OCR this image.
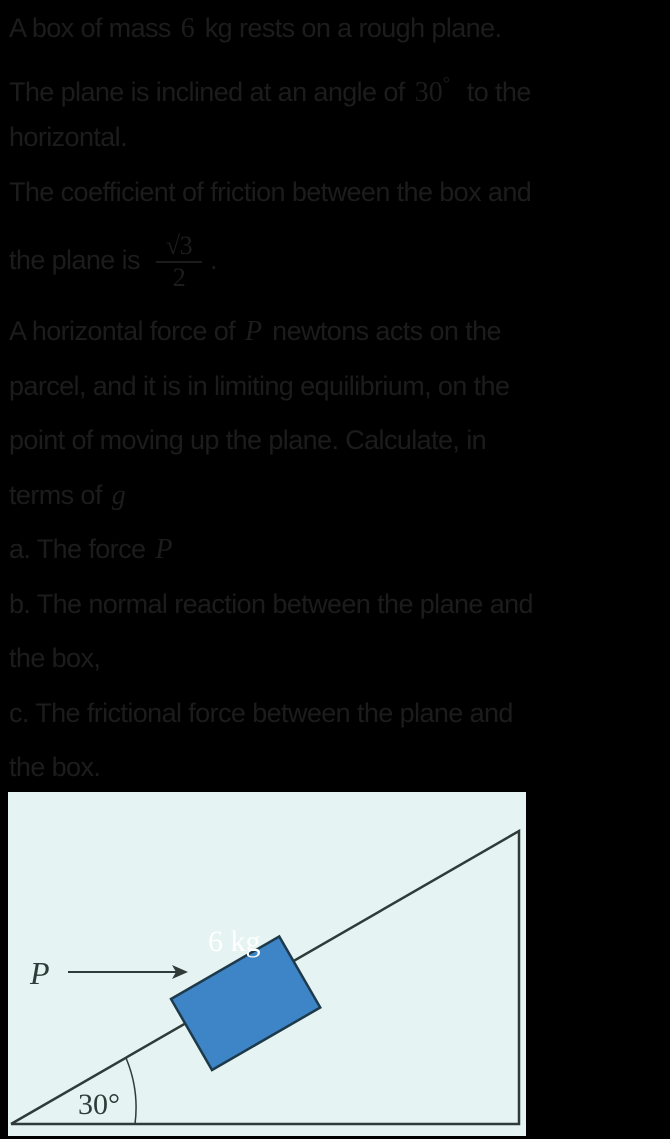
A box of mass 6 kg rests on a rough plane.
The plane is inclined at an angle of 30° to the
horizontal.
The coefficient of friction between the box and
the plane is $\frac{√3}{2}$ .
A horizontal force of P newtons acts on the
parcel, and it is in limiting equilibrium, on the
point of moving up the plane. Calculate, in
terms of g
a. The force P
b. The normal reaction between the plane and
the box,
c. The frictional force between the plane and
the box.
6 kg
P
30°
